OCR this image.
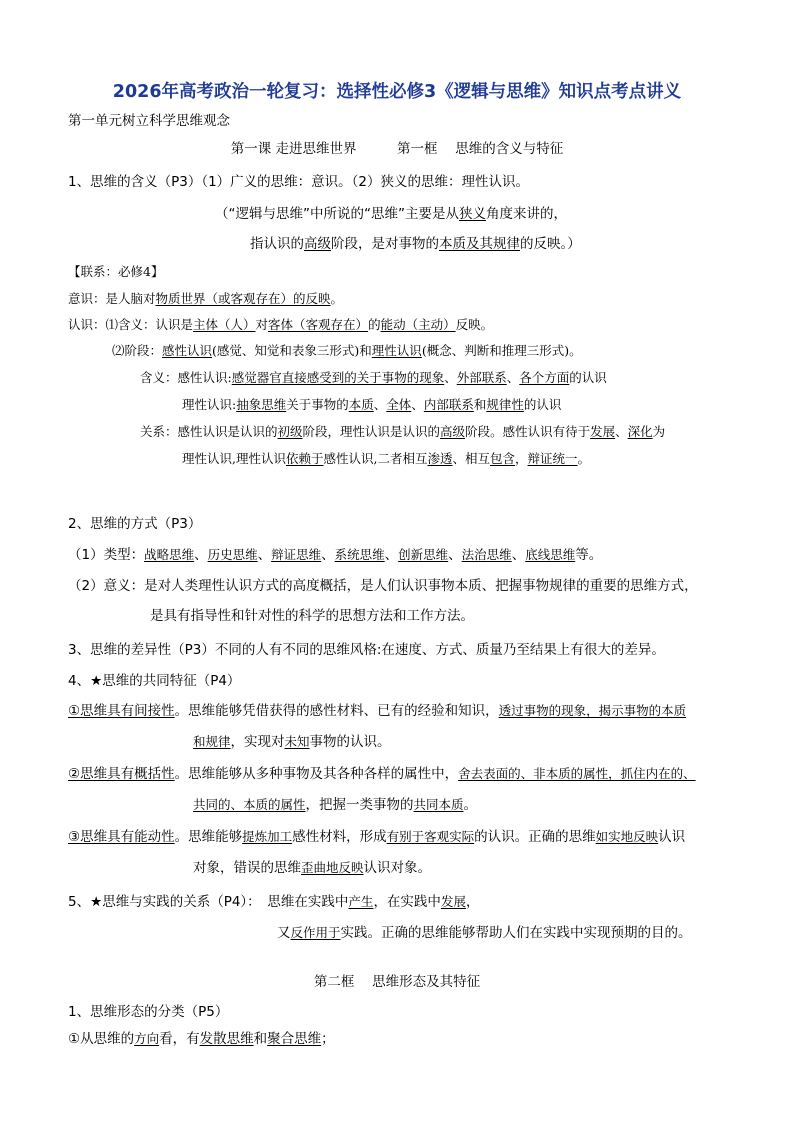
2026年高考政治一轮复习：选择性必修3《逻辑与思维》知识点考点讲义
第一单元树立科学思维观念
第一课 走进思维世界　　　第一框　 思维的含义与特征
1、思维的含义（P3）（1）广义的思维：意识。（2）狭义的思维：理性认识。
（“逻辑与思维”中所说的“思维”主要是从狭义角度来讲的，
指认识的高级阶段，是对事物的本质及其规律的反映。）
【联系：必修4】
意识：是人脑对物质世界（或客观存在）的反映。
认识：⑴含义：认识是主体（人）对客体（客观存在）的能动（主动）反映。
⑵阶段：感性认识(感觉、知觉和表象三形式)和理性认识(概念、判断和推理三形式)。
含义：感性认识:感觉器官直接感受到的关于事物的现象、外部联系、各个方面的认识
理性认识:抽象思维关于事物的本质、全体、内部联系和规律性的认识
关系：感性认识是认识的初级阶段，理性认识是认识的高级阶段。感性认识有待于发展、深化为
理性认识,理性认识依赖于感性认识,二者相互渗透、相互包含，辩证统一。
2、思维的方式（P3）
（1）类型：战略思维、历史思维、辩证思维、系统思维、创新思维、法治思维、底线思维等。
（2）意义：是对人类理性认识方式的高度概括，是人们认识事物本质、把握事物规律的重要的思维方式，
是具有指导性和针对性的科学的思想方法和工作方法。
3、思维的差异性（P3）不同的人有不同的思维风格:在速度、方式、质量乃至结果上有很大的差异。
4、★思维的共同特征（P4）
①思维具有间接性。思维能够凭借获得的感性材料、已有的经验和知识，透过事物的现象，揭示事物的本质
和规律，实现对未知事物的认识。
②思维具有概括性。思维能够从多种事物及其各种各样的属性中，舍去表面的、非本质的属性，抓住内在的、
共同的、本质的属性，把握一类事物的共同本质。
③思维具有能动性。思维能够提炼加工感性材料，形成有别于客观实际的认识。正确的思维如实地反映认识
对象，错误的思维歪曲地反映认识对象。
5、★思维与实践的关系（P4）：　思维在实践中产生，在实践中发展，
又反作用于实践。正确的思维能够帮助人们在实践中实现预期的目的。
第二框　 思维形态及其特征
1、思维形态的分类（P5）
①从思维的方向看，有发散思维和聚合思维；
